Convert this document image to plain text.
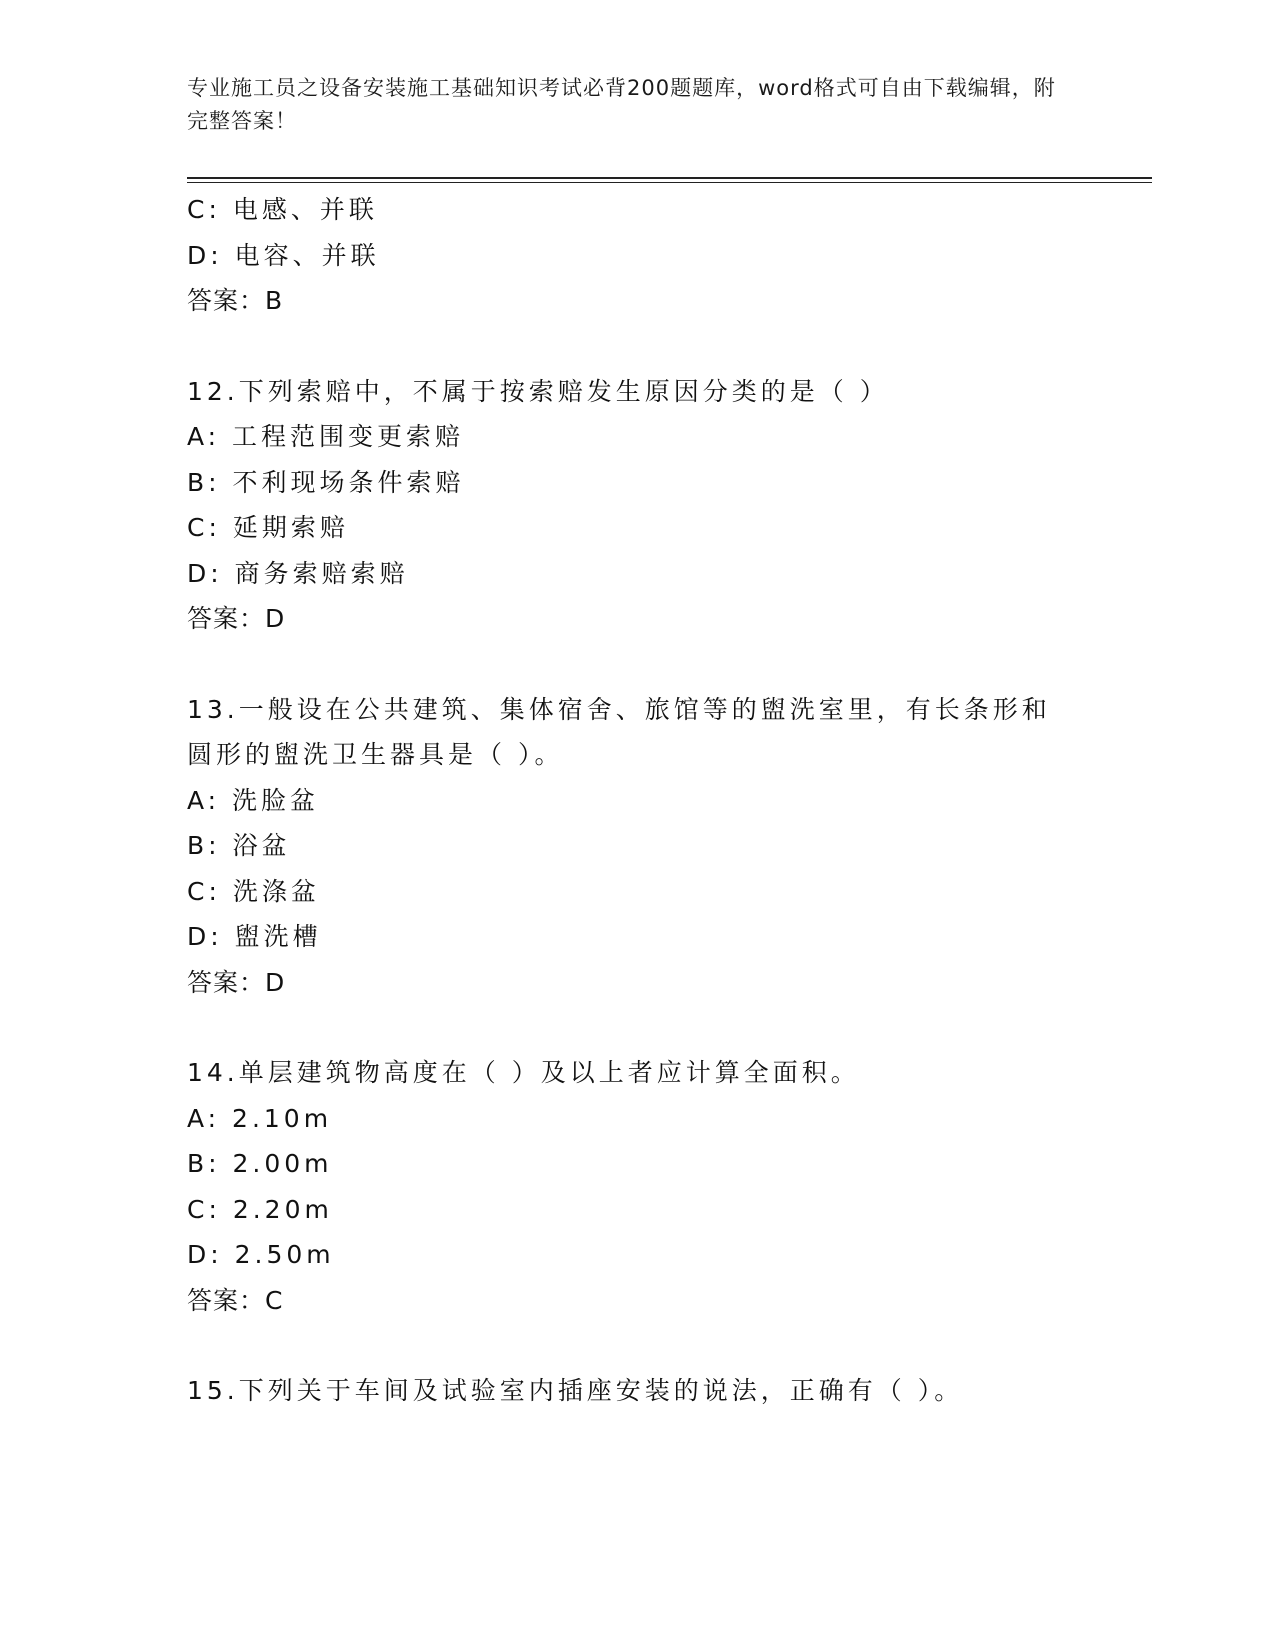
专业施工员之设备安装施工基础知识考试必背200题题库，word格式可自由下载编辑，附完整答案！
C: 电感、并联
D: 电容、并联
答案：B
12.下列索赔中，不属于按索赔发生原因分类的是（ ）
A: 工程范围变更索赔
B: 不利现场条件索赔
C: 延期索赔
D: 商务索赔索赔
答案：D
13.一般设在公共建筑、集体宿舍、旅馆等的盥洗室里，有长条形和圆形的盥洗卫生器具是（ ）。
A: 洗脸盆
B: 浴盆
C: 洗涤盆
D: 盥洗槽
答案：D
14.单层建筑物高度在（ ）及以上者应计算全面积。
A: 2.10m
B: 2.00m
C: 2.20m
D: 2.50m
答案：C
15.下列关于车间及试验室内插座安装的说法，正确有（ ）。
